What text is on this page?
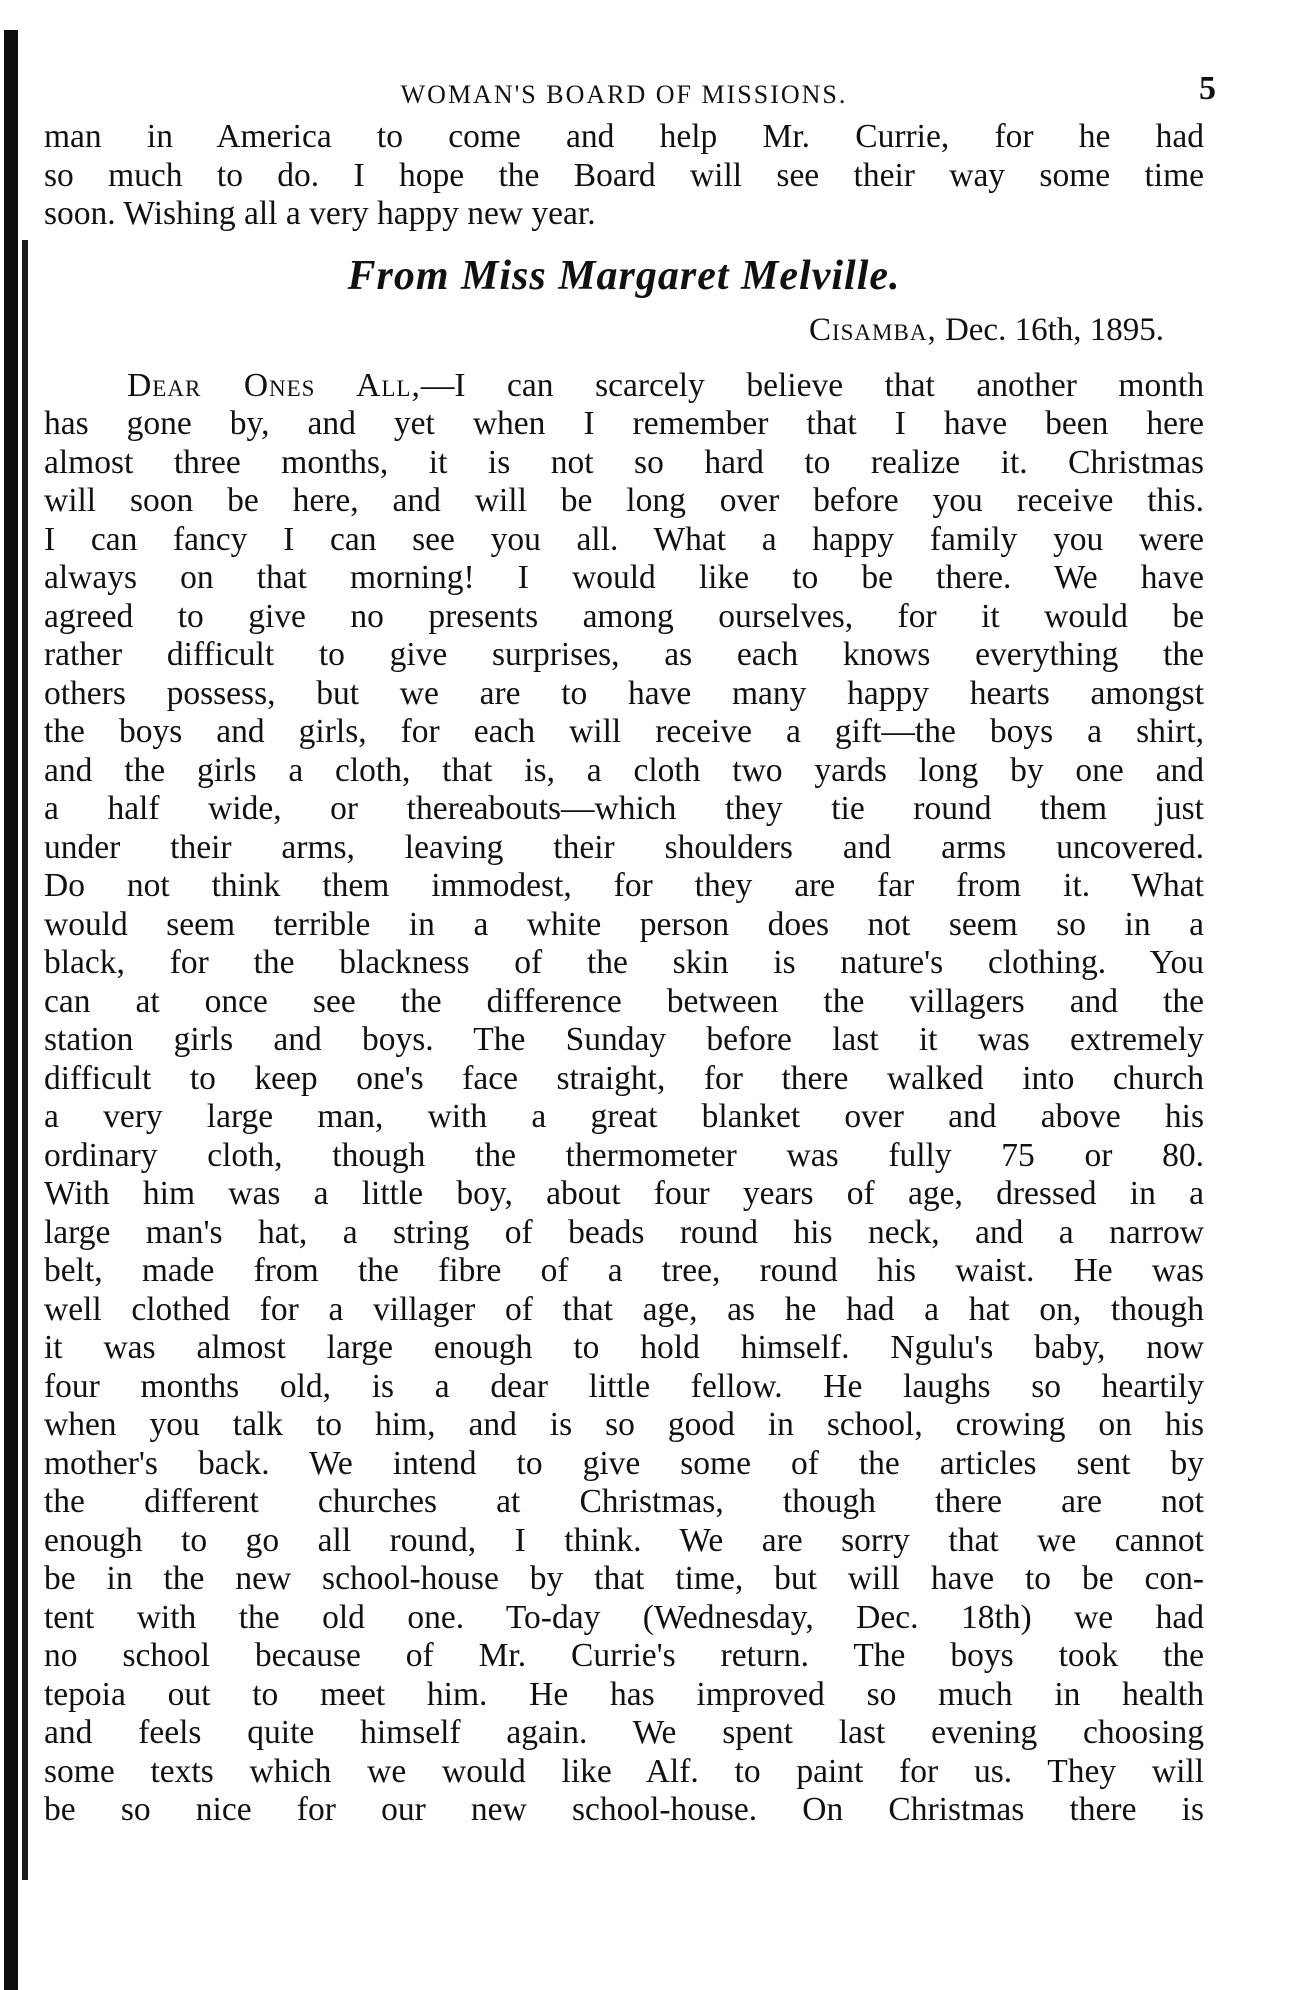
WOMAN'S BOARD OF MISSIONS.	5
man in America to come and help Mr. Currie, for he had
so much to do. I hope the Board will see their way some time
soon. Wishing all a very happy new year.
From Miss Margaret Melville.
Cisamba, Dec. 16th, 1895.
Dear Ones All,—I can scarcely believe that another month
has gone by, and yet when I remember that I have been here
almost three months, it is not so hard to realize it. Christmas
will soon be here, and will be long over before you receive this.
I can fancy I can see you all. What a happy family you were
always on that morning! I would like to be there. We have
agreed to give no presents among ourselves, for it would be
rather difficult to give surprises, as each knows everything the
others possess, but we are to have many happy hearts amongst
the boys and girls, for each will receive a gift—the boys a shirt,
and the girls a cloth, that is, a cloth two yards long by one and
a half wide, or thereabouts—which they tie round them just
under their arms, leaving their shoulders and arms uncovered.
Do not think them immodest, for they are far from it. What
would seem terrible in a white person does not seem so in a
black, for the blackness of the skin is nature's clothing. You
can at once see the difference between the villagers and the
station girls and boys. The Sunday before last it was extremely
difficult to keep one's face straight, for there walked into church
a very large man, with a great blanket over and above his
ordinary cloth, though the thermometer was fully 75 or 80.
With him was a little boy, about four years of age, dressed in a
large man's hat, a string of beads round his neck, and a narrow
belt, made from the fibre of a tree, round his waist. He was
well clothed for a villager of that age, as he had a hat on, though
it was almost large enough to hold himself. Ngulu's baby, now
four months old, is a dear little fellow. He laughs so heartily
when you talk to him, and is so good in school, crowing on his
mother's back. We intend to give some of the articles sent by
the different churches at Christmas, though there are not
enough to go all round, I think. We are sorry that we cannot
be in the new school-house by that time, but will have to be con-
tent with the old one. To-day (Wednesday, Dec. 18th) we had
no school because of Mr. Currie's return. The boys took the
tepoia out to meet him. He has improved so much in health
and feels quite himself again. We spent last evening choosing
some texts which we would like Alf. to paint for us. They will
be so nice for our new school-house. On Christmas there is
